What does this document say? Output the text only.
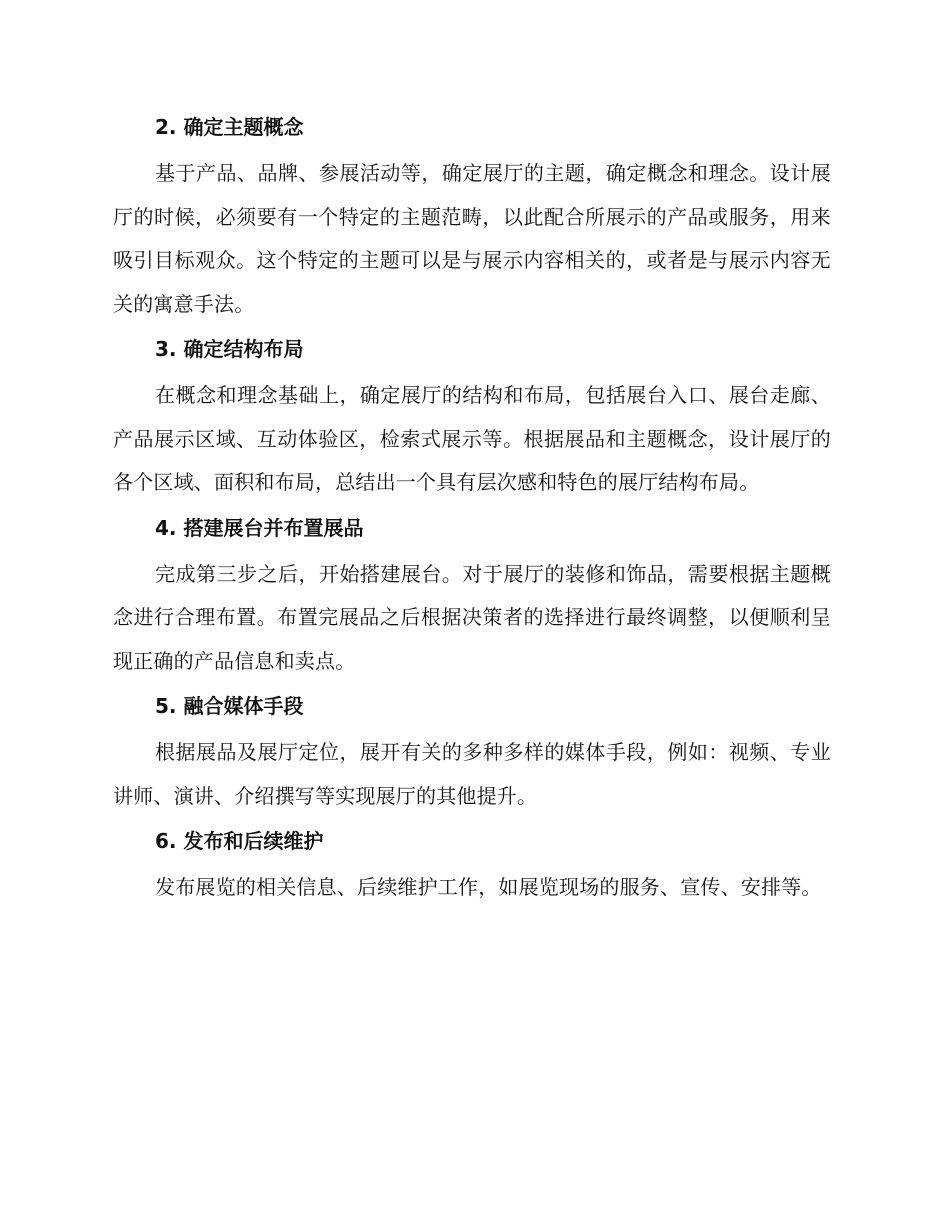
2. 确定主题概念

基于产品、品牌、参展活动等，确定展厅的主题，确定概念和理念。设计展厅的时候，必须要有一个特定的主题范畴，以此配合所展示的产品或服务，用来吸引目标观众。这个特定的主题可以是与展示内容相关的，或者是与展示内容无关的寓意手法。

3. 确定结构布局

在概念和理念基础上，确定展厅的结构和布局，包括展台入口、展台走廊、产品展示区域、互动体验区，检索式展示等。根据展品和主题概念，设计展厅的各个区域、面积和布局，总结出一个具有层次感和特色的展厅结构布局。

4. 搭建展台并布置展品

完成第三步之后，开始搭建展台。对于展厅的装修和饰品，需要根据主题概念进行合理布置。布置完展品之后根据决策者的选择进行最终调整，以便顺利呈现正确的产品信息和卖点。

5. 融合媒体手段

根据展品及展厅定位，展开有关的多种多样的媒体手段，例如：视频、专业讲师、演讲、介绍撰写等实现展厅的其他提升。

6. 发布和后续维护

发布展览的相关信息、后续维护工作，如展览现场的服务、宣传、安排等。
